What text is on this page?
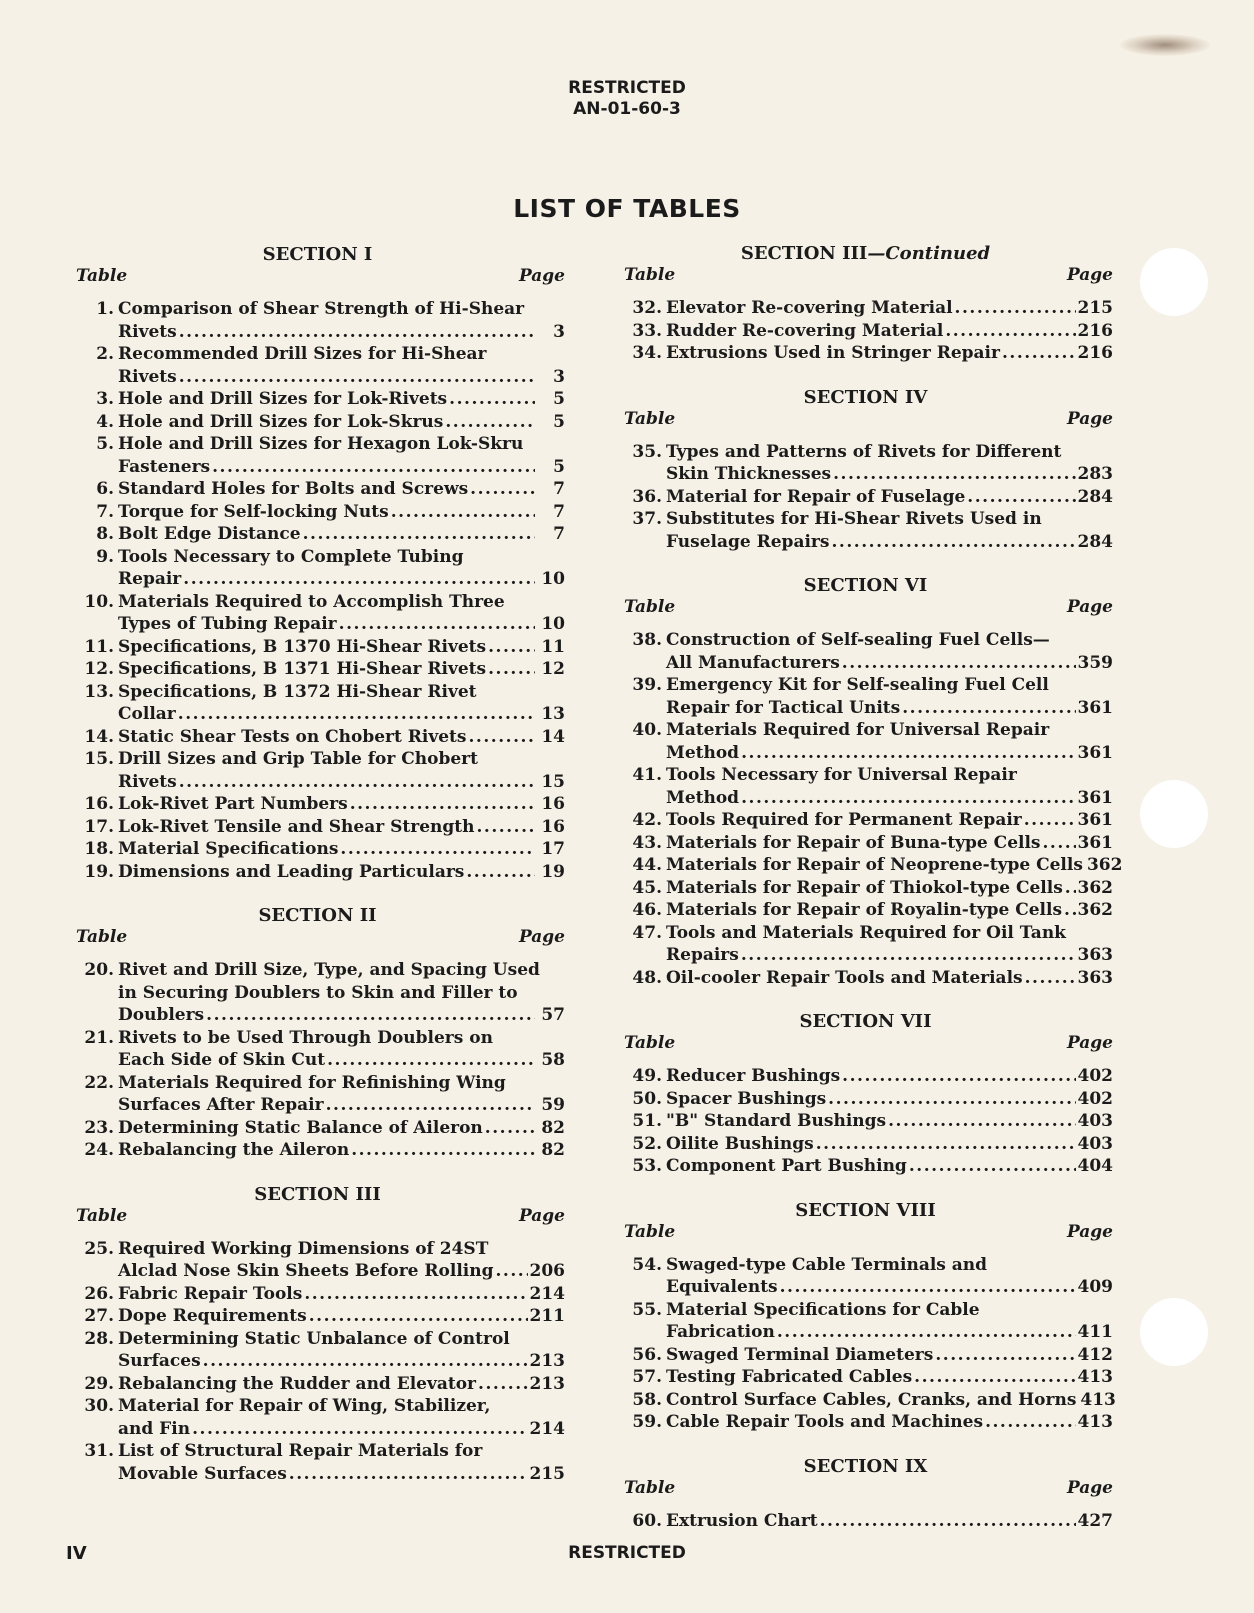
RESTRICTED
AN-01-60-3
LIST OF TABLES
SECTION I
Table	Page
1. Comparison of Shear Strength of Hi-Shear
Rivets . . .	3
2. Recommended Drill Sizes for Hi-Shear
Rivets . . .	3
3. Hole and Drill Sizes for Lok-Rivets . . .	5
4. Hole and Drill Sizes for Lok-Skrus . . .	5
5. Hole and Drill Sizes for Hexagon Lok-Skru
Fasteners . . .	5
6. Standard Holes for Bolts and Screws . . .	7
7. Torque for Self-locking Nuts . . .	7
8. Bolt Edge Distance . . .	7
9. Tools Necessary to Complete Tubing
Repair . . .	10
10. Materials Required to Accomplish Three
Types of Tubing Repair . . .	10
11. Specifications, B 1370 Hi-Shear Rivets . . .	11
12. Specifications, B 1371 Hi-Shear Rivets . . .	12
13. Specifications, B 1372 Hi-Shear Rivet
Collar . . .	13
14. Static Shear Tests on Chobert Rivets . . .	14
15. Drill Sizes and Grip Table for Chobert
Rivets . . .	15
16. Lok-Rivet Part Numbers . . .	16
17. Lok-Rivet Tensile and Shear Strength . . .	16
18. Material Specifications . . .	17
19. Dimensions and Leading Particulars . . .	19
SECTION II
Table	Page
20. Rivet and Drill Size, Type, and Spacing Used
in Securing Doublers to Skin and Filler to
Doublers . . .	57
21. Rivets to be Used Through Doublers on
Each Side of Skin Cut . . .	58
22. Materials Required for Refinishing Wing
Surfaces After Repair . . .	59
23. Determining Static Balance of Aileron . . .	82
24. Rebalancing the Aileron . . .	82
SECTION III
Table	Page
25. Required Working Dimensions of 24ST
Alclad Nose Skin Sheets Before Rolling . . . 206
26. Fabric Repair Tools . . .	214
27. Dope Requirements . . .	211
28. Determining Static Unbalance of Control
Surfaces . . .	213
29. Rebalancing the Rudder and Elevator . . .	213
30. Material for Repair of Wing, Stabilizer,
and Fin . . .	214
31. List of Structural Repair Materials for
Movable Surfaces . . .	215
SECTION III—Continued
Table	Page
32. Elevator Re-covering Material . . .	215
33. Rudder Re-covering Material . . .	216
34. Extrusions Used in Stringer Repair . . .	216
SECTION IV
Table	Page
35. Types and Patterns of Rivets for Different
Skin Thicknesses . . .	283
36. Material for Repair of Fuselage . . .	284
37. Substitutes for Hi-Shear Rivets Used in
Fuselage Repairs . . .	284
SECTION VI
Table	Page
38. Construction of Self-sealing Fuel Cells—
All Manufacturers . . .	359
39. Emergency Kit for Self-sealing Fuel Cell
Repair for Tactical Units . . .	361
40. Materials Required for Universal Repair
Method . . .	361
41. Tools Necessary for Universal Repair
Method . . .	361
42. Tools Required for Permanent Repair . . .	361
43. Materials for Repair of Buna-type Cells . . . 361
44. Materials for Repair of Neoprene-type Cells 362
45. Materials for Repair of Thiokol-type Cells . . . 362
46. Materials for Repair of Royalin-type Cells . . . 362
47. Tools and Materials Required for Oil Tank
Repairs . . .	363
48. Oil-cooler Repair Tools and Materials . . .	363
SECTION VII
Table	Page
49. Reducer Bushings . . .	402
50. Spacer Bushings . . .	402
51. "B" Standard Bushings . . .	403
52. Oilite Bushings . . .	403
53. Component Part Bushing . . .	404
SECTION VIII
Table	Page
54. Swaged-type Cable Terminals and
Equivalents . . .	409
55. Material Specifications for Cable
Fabrication . . .	411
56. Swaged Terminal Diameters . . .	412
57. Testing Fabricated Cables . . .	413
58. Control Surface Cables, Cranks, and Horns 413
59. Cable Repair Tools and Machines . . .	413
SECTION IX
Table	Page
60. Extrusion Chart . . .	427
IV	RESTRICTED
